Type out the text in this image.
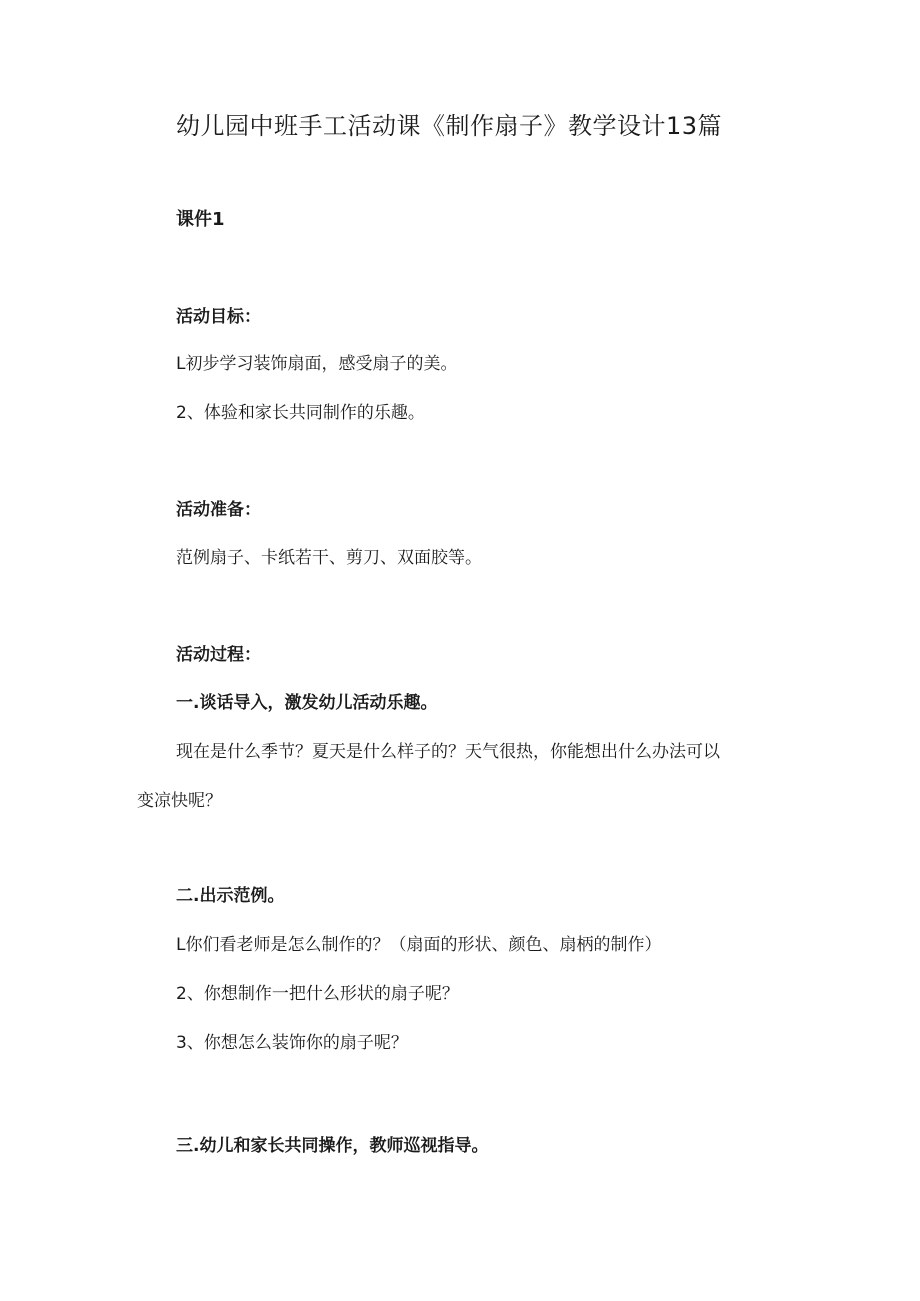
幼儿园中班手工活动课《制作扇子》教学设计13篇
课件1
活动目标：
L初步学习装饰扇面，感受扇子的美。
2、体验和家长共同制作的乐趣。
活动准备：
范例扇子、卡纸若干、剪刀、双面胶等。
活动过程：
一.谈话导入，激发幼儿活动乐趣。
现在是什么季节？夏天是什么样子的？天气很热，你能想出什么办法可以
变凉快呢？
二.出示范例。
L你们看老师是怎么制作的？（扇面的形状、颜色、扇柄的制作）
2、你想制作一把什么形状的扇子呢？
3、你想怎么装饰你的扇子呢？
三.幼儿和家长共同操作，教师巡视指导。
